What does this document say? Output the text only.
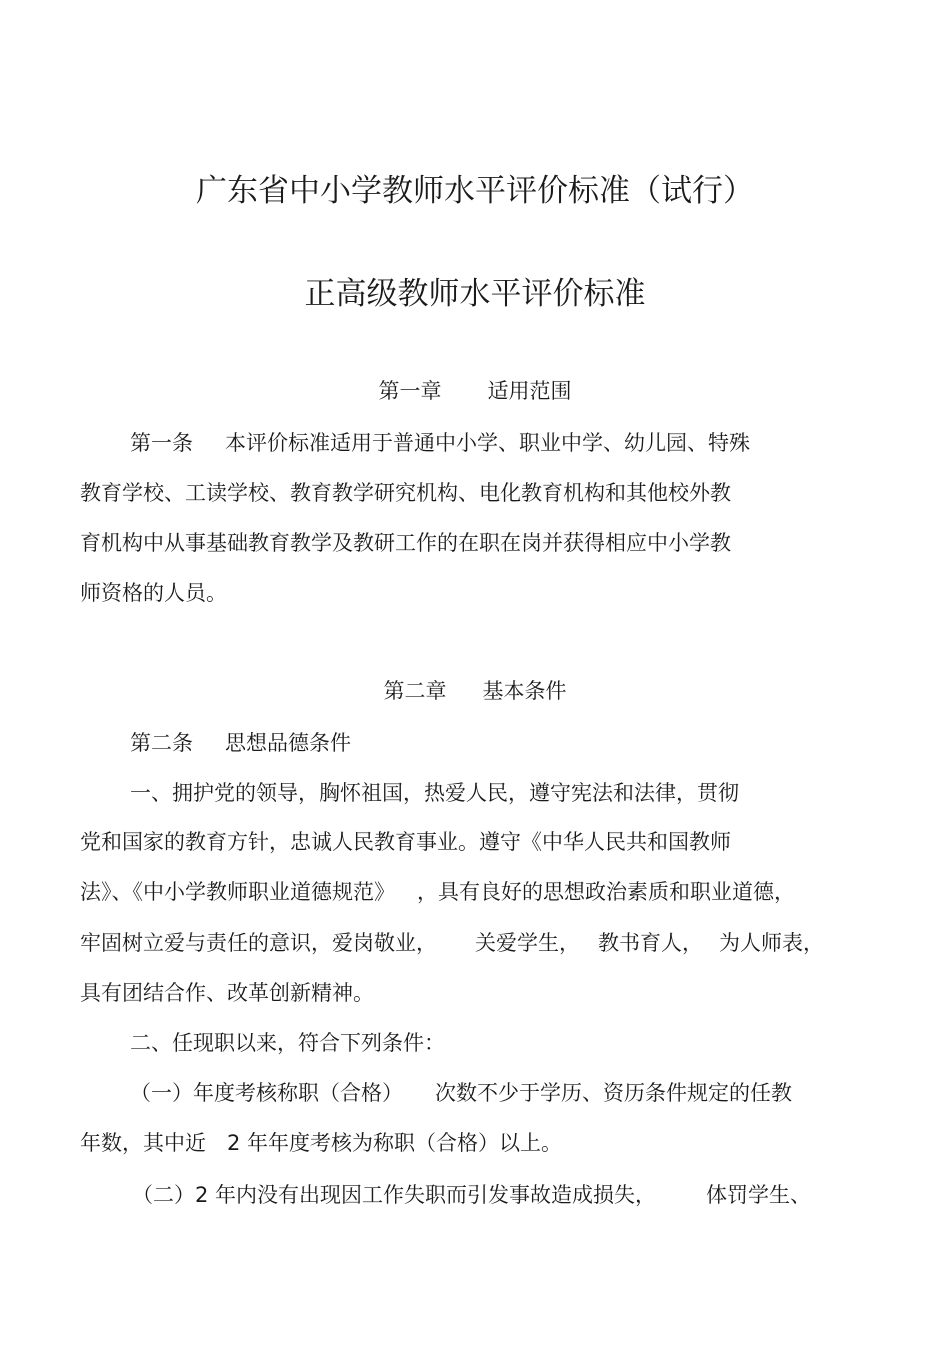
广东省中小学教师水平评价标准（试行）
正高级教师水平评价标准
第一章 适用范围
第一条 本评价标准适用于普通中小学、职业中学、幼儿园、特殊
教育学校、工读学校、教育教学研究机构、电化教育机构和其他校外教
育机构中从事基础教育教学及教研工作的在职在岗并获得相应中小学教
师资格的人员。
第二章 基本条件
第二条 思想品德条件
一、拥护党的领导，胸怀祖国，热爱人民，遵守宪法和法律，贯彻
党和国家的教育方针，忠诚人民教育事业。遵守《中华人民共和国教师
法》、《中小学教师职业道德规范》 ，具有良好的思想政治素质和职业道德，
牢固树立爱与责任的意识，爱岗敬业， 关爱学生， 教书育人， 为人师表，
具有团结合作、改革创新精神。
二、任现职以来，符合下列条件：
（一）年度考核称职（合格） 次数不少于学历、资历条件规定的任教
年数，其中近　2 年年度考核为称职（合格）以上。
（二）2 年内没有出现因工作失职而引发事故造成损失， 体罚学生、
